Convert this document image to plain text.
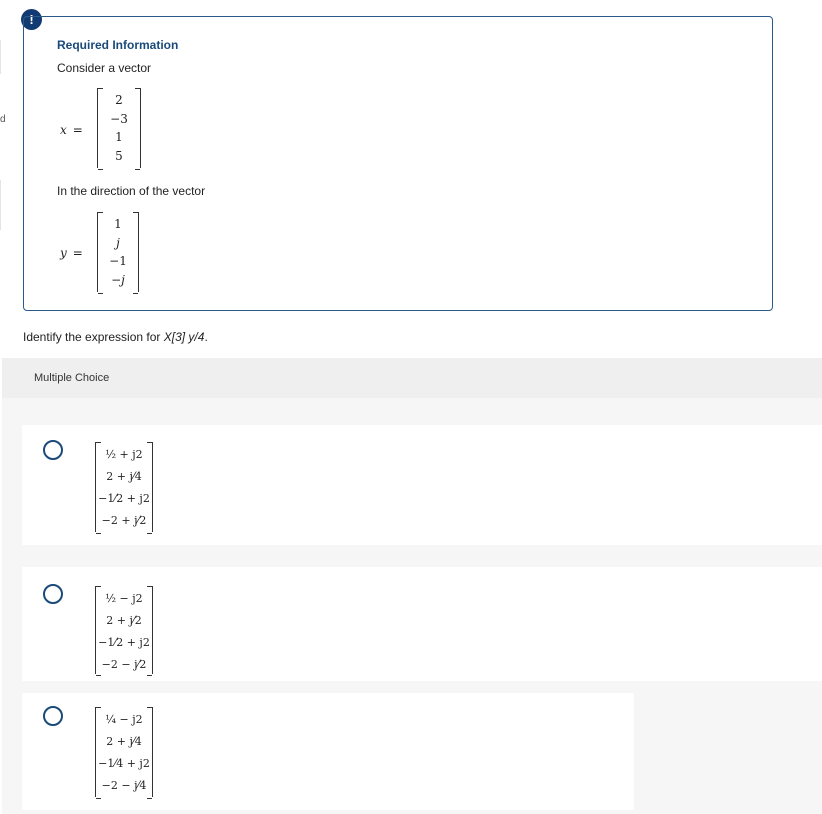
d
!
Required Information
Consider a vector
x =
2
−3
1
5
In the direction of the vector
y =
1
j
−1
−j
Identify the expression for X[3] y/4.
Multiple Choice
½ + j2
2 + j⁄4
−1⁄2 + j2
−2 + j⁄2
½ − j2
2 + j⁄2
−1⁄2 + j2
−2 − j⁄2
¼ − j2
2 + j⁄4
−1⁄4 + j2
−2 − j⁄4
